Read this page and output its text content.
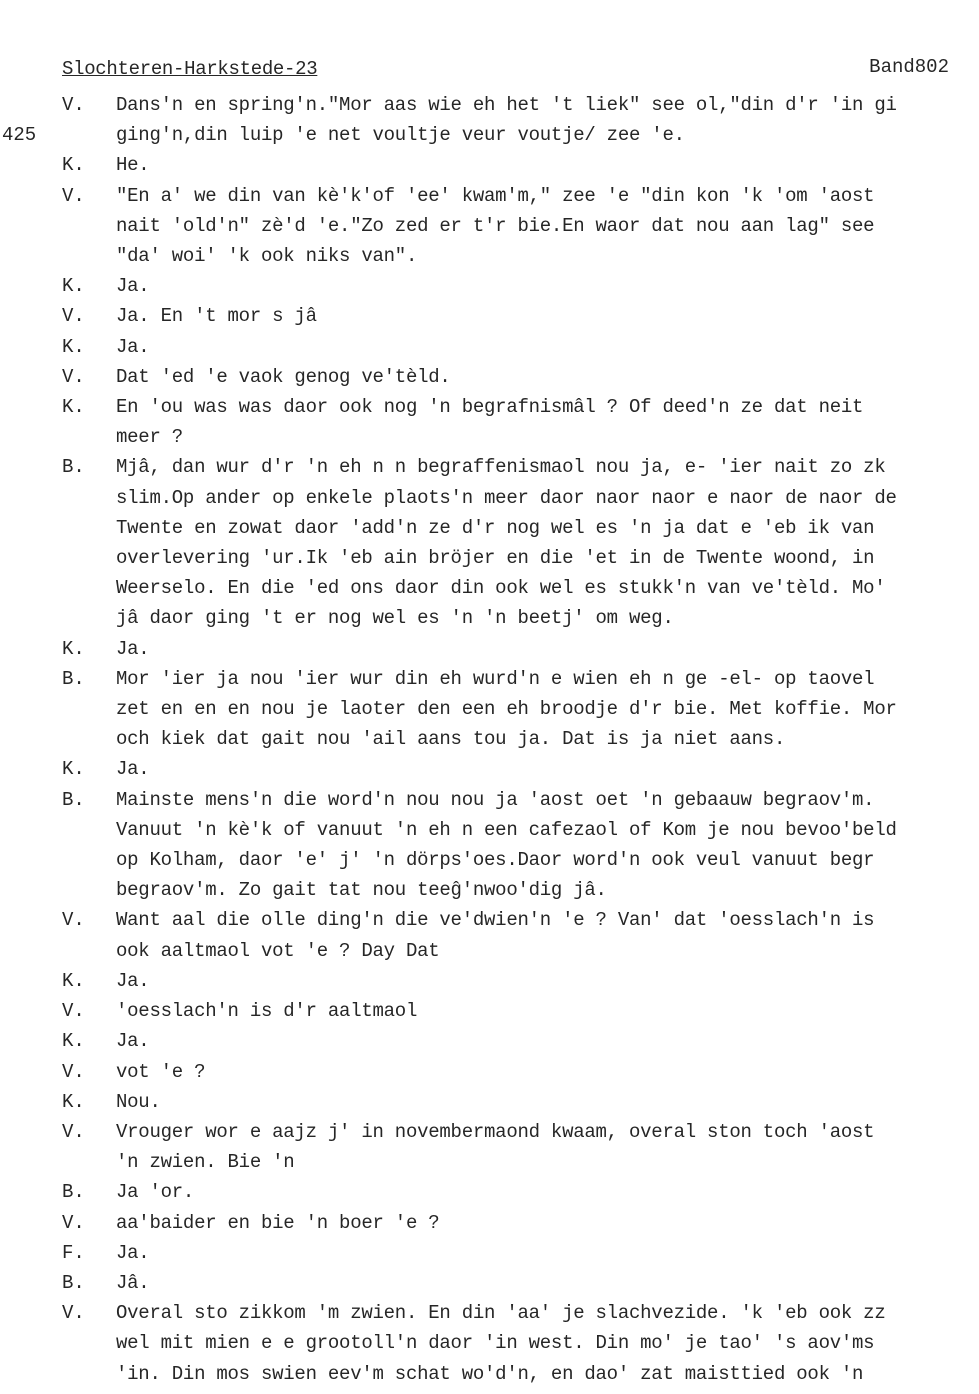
Slochteren-Harkstede-23	Band802
425
V.	Dans'n en spring'n."Mor aas wie eh het 't liek" see ol,"din d'r 'in gi
ging'n,din luip 'e net voultje veur voutje/ zee 'e.
K.	He.
V.	"En a' we din van kè'k'of 'ee' kwam'm," zee 'e "din kon 'k 'om 'aost
nait 'old'n" zè'd 'e."Zo zed er t'r bie.En waor dat nou aan lag" see
"da' woi' 'k ook niks van".
K.	Ja.
V.	Ja. En 't mor s jâ
K.	Ja.
V.	Dat 'ed 'e vaok genog ve'tèld.
K.	En 'ou was was daor ook nog 'n begrafnismâl ? Of deed'n ze dat neit
meer ?
B.	Mjâ, dan wur d'r 'n eh n n begraffenismaol nou ja, e- 'ier nait zo zk
slim.Op ander op enkele plaots'n meer daor naor naor e naor de naor de
Twente en zowat daor 'add'n ze d'r nog wel es 'n ja dat e 'eb ik van
overlevering 'ur.Ik 'eb ain bröjer en die 'et in de Twente woond, in
Weerselo. En die 'ed ons daor din ook wel es stukk'n van ve'tèld. Mo'
jâ daor ging 't er nog wel es 'n 'n beetj' om weg.
K.	Ja.
B.	Mor 'ier ja nou 'ier wur din eh wurd'n e wien eh n ge -el- op taovel
zet en en en nou je laoter den een eh broodje d'r bie. Met koffie. Mor
och kiek dat gait nou 'ail aans tou ja. Dat is ja niet aans.
K.	Ja.
B.	Mainste mens'n die word'n nou nou ja 'aost oet 'n gebaauw begraov'm.
Vanuut 'n kè'k of vanuut 'n eh n een cafezaol of Kom je nou bevoo'beld
op Kolham, daor 'e' j' 'n dörps'oes.Daor word'n ook veul vanuut begr
begraov'm. Zo gait tat nou teeĝ'nwoo'dig jâ.
V.	Want aal die olle ding'n die ve'dwien'n 'e ? Van' dat 'oesslach'n is
ook aaltmaol vot 'e ? Day Dat
K.	Ja.
V.	'oesslach'n is d'r aaltmaol
K.	Ja.
V.	vot 'e ?
K.	Nou.
V.	Vrouger wor e aajz j' in novembermaond kwaam, overal ston toch 'aost
'n zwien. Bie 'n
B.	Ja 'or.
V.	aa'baider en bie 'n boer 'e ?
F.	Ja.
B.	Jâ.
V.	Overal sto zikkom 'm zwien. En din 'aa' je slachvezide. 'k 'eb ook zz
wel mit mien e e grootoll'n daor 'in west. Din mo' je tao' 's aov'ms
'in. Din mos swien eev'm schat wo'd'n, en dao' zat maisttied ook 'n
